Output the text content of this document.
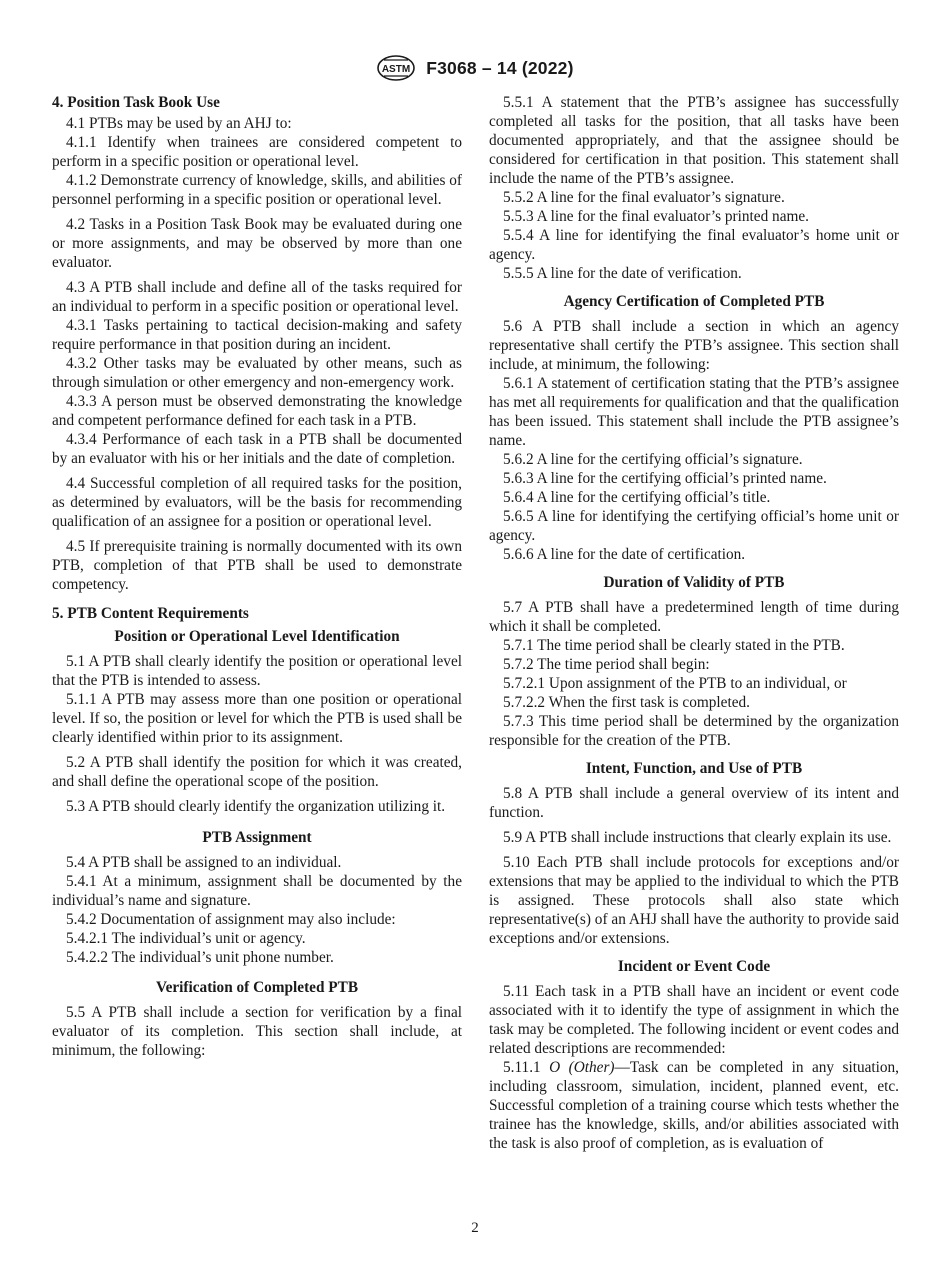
ASTM F3068 – 14 (2022)
4. Position Task Book Use

4.1 PTBs may be used by an AHJ to:

4.1.1 Identify when trainees are considered competent to perform in a specific position or operational level.

4.1.2 Demonstrate currency of knowledge, skills, and abilities of personnel performing in a specific position or operational level.

4.2 Tasks in a Position Task Book may be evaluated during one or more assignments, and may be observed by more than one evaluator.

4.3 A PTB shall include and define all of the tasks required for an individual to perform in a specific position or operational level.

4.3.1 Tasks pertaining to tactical decision-making and safety require performance in that position during an incident.

4.3.2 Other tasks may be evaluated by other means, such as through simulation or other emergency and non-emergency work.

4.3.3 A person must be observed demonstrating the knowledge and competent performance defined for each task in a PTB.

4.3.4 Performance of each task in a PTB shall be documented by an evaluator with his or her initials and the date of completion.

4.4 Successful completion of all required tasks for the position, as determined by evaluators, will be the basis for recommending qualification of an assignee for a position or operational level.

4.5 If prerequisite training is normally documented with its own PTB, completion of that PTB shall be used to demonstrate competency.

5. PTB Content Requirements
Position or Operational Level Identification

5.1 A PTB shall clearly identify the position or operational level that the PTB is intended to assess.

5.1.1 A PTB may assess more than one position or operational level. If so, the position or level for which the PTB is used shall be clearly identified within prior to its assignment.

5.2 A PTB shall identify the position for which it was created, and shall define the operational scope of the position.

5.3 A PTB should clearly identify the organization utilizing it.

PTB Assignment

5.4 A PTB shall be assigned to an individual.

5.4.1 At a minimum, assignment shall be documented by the individual’s name and signature.

5.4.2 Documentation of assignment may also include:

5.4.2.1 The individual’s unit or agency.

5.4.2.2 The individual’s unit phone number.

Verification of Completed PTB

5.5 A PTB shall include a section for verification by a final evaluator of its completion. This section shall include, at minimum, the following:

5.5.1 A statement that the PTB’s assignee has successfully completed all tasks for the position, that all tasks have been documented appropriately, and that the assignee should be considered for certification in that position. This statement shall include the name of the PTB’s assignee.

5.5.2 A line for the final evaluator’s signature.

5.5.3 A line for the final evaluator’s printed name.

5.5.4 A line for identifying the final evaluator’s home unit or agency.

5.5.5 A line for the date of verification.

Agency Certification of Completed PTB

5.6 A PTB shall include a section in which an agency representative shall certify the PTB’s assignee. This section shall include, at minimum, the following:

5.6.1 A statement of certification stating that the PTB’s assignee has met all requirements for qualification and that the qualification has been issued. This statement shall include the PTB assignee’s name.

5.6.2 A line for the certifying official’s signature.

5.6.3 A line for the certifying official’s printed name.

5.6.4 A line for the certifying official’s title.

5.6.5 A line for identifying the certifying official’s home unit or agency.

5.6.6 A line for the date of certification.

Duration of Validity of PTB

5.7 A PTB shall have a predetermined length of time during which it shall be completed.

5.7.1 The time period shall be clearly stated in the PTB.

5.7.2 The time period shall begin:

5.7.2.1 Upon assignment of the PTB to an individual, or

5.7.2.2 When the first task is completed.

5.7.3 This time period shall be determined by the organization responsible for the creation of the PTB.

Intent, Function, and Use of PTB

5.8 A PTB shall include a general overview of its intent and function.

5.9 A PTB shall include instructions that clearly explain its use.

5.10 Each PTB shall include protocols for exceptions and/or extensions that may be applied to the individual to which the PTB is assigned. These protocols shall also state which representative(s) of an AHJ shall have the authority to provide said exceptions and/or extensions.

Incident or Event Code

5.11 Each task in a PTB shall have an incident or event code associated with it to identify the type of assignment in which the task may be completed. The following incident or event codes and related descriptions are recommended:

5.11.1 O (Other)—Task can be completed in any situation, including classroom, simulation, incident, planned event, etc. Successful completion of a training course which tests whether the trainee has the knowledge, skills, and/or abilities associated with the task is also proof of completion, as is evaluation of

2
